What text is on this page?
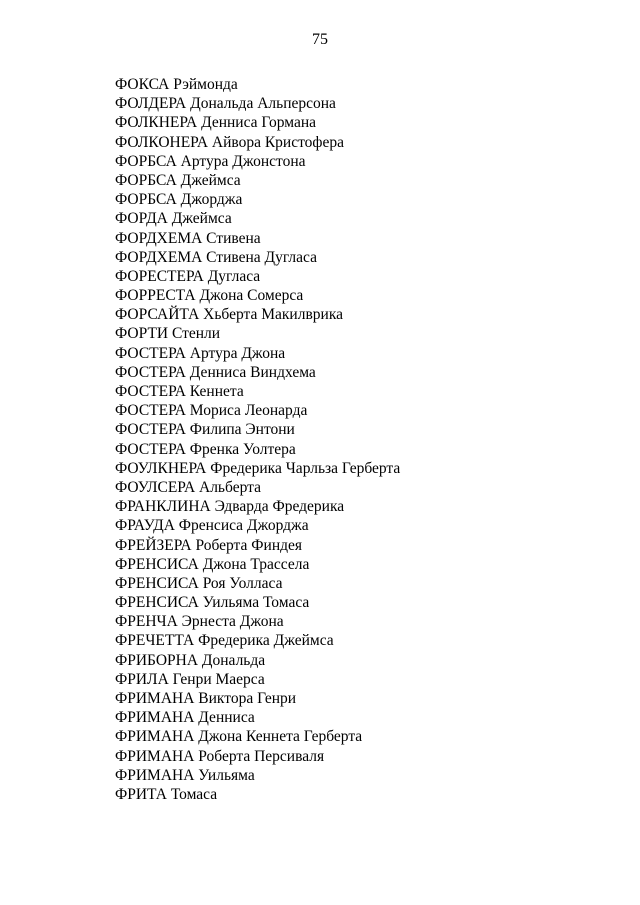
75
ФОКСА Рэймонда
ФОЛДЕРА Дональда Альперсона
ФОЛКНЕРА Денниса Гормана
ФОЛКОНЕРА Айвора Кристофера
ФОРБСА Артура Джонстона
ФОРБСА Джеймса
ФОРБСА Джорджа
ФОРДА Джеймса
ФОРДХЕМА Стивена
ФОРДХЕМА Стивена Дугласа
ФОРЕСТЕРА Дугласа
ФОРРЕСТА Джона Сомерса
ФОРСАЙТА Хьберта Макилврика
ФОРТИ Стенли
ФОСТЕРА Артура Джона
ФОСТЕРА Денниса Виндхема
ФОСТЕРА Кеннета
ФОСТЕРА Мориса Леонарда
ФОСТЕРА Филипа Энтони
ФОСТЕРА Френка Уолтера
ФОУЛКНЕРА Фредерика Чарльза Герберта
ФОУЛСЕРА Альберта
ФРАНКЛИНА Эдварда Фредерика
ФРАУДА Френсиса Джорджа
ФРЕЙЗЕРА Роберта Финдея
ФРЕНСИСА Джона Трассела
ФРЕНСИСА Роя Уолласа
ФРЕНСИСА Уильяма Томаса
ФРЕНЧА Эрнеста Джона
ФРЕЧЕТТА Фредерика Джеймса
ФРИБОРНА Дональда
ФРИЛА Генри Маерса
ФРИМАНА Виктора Генри
ФРИМАНА Денниса
ФРИМАНА Джона Кеннета Герберта
ФРИМАНА Роберта Персиваля
ФРИМАНА Уильяма
ФРИТА Томаса
